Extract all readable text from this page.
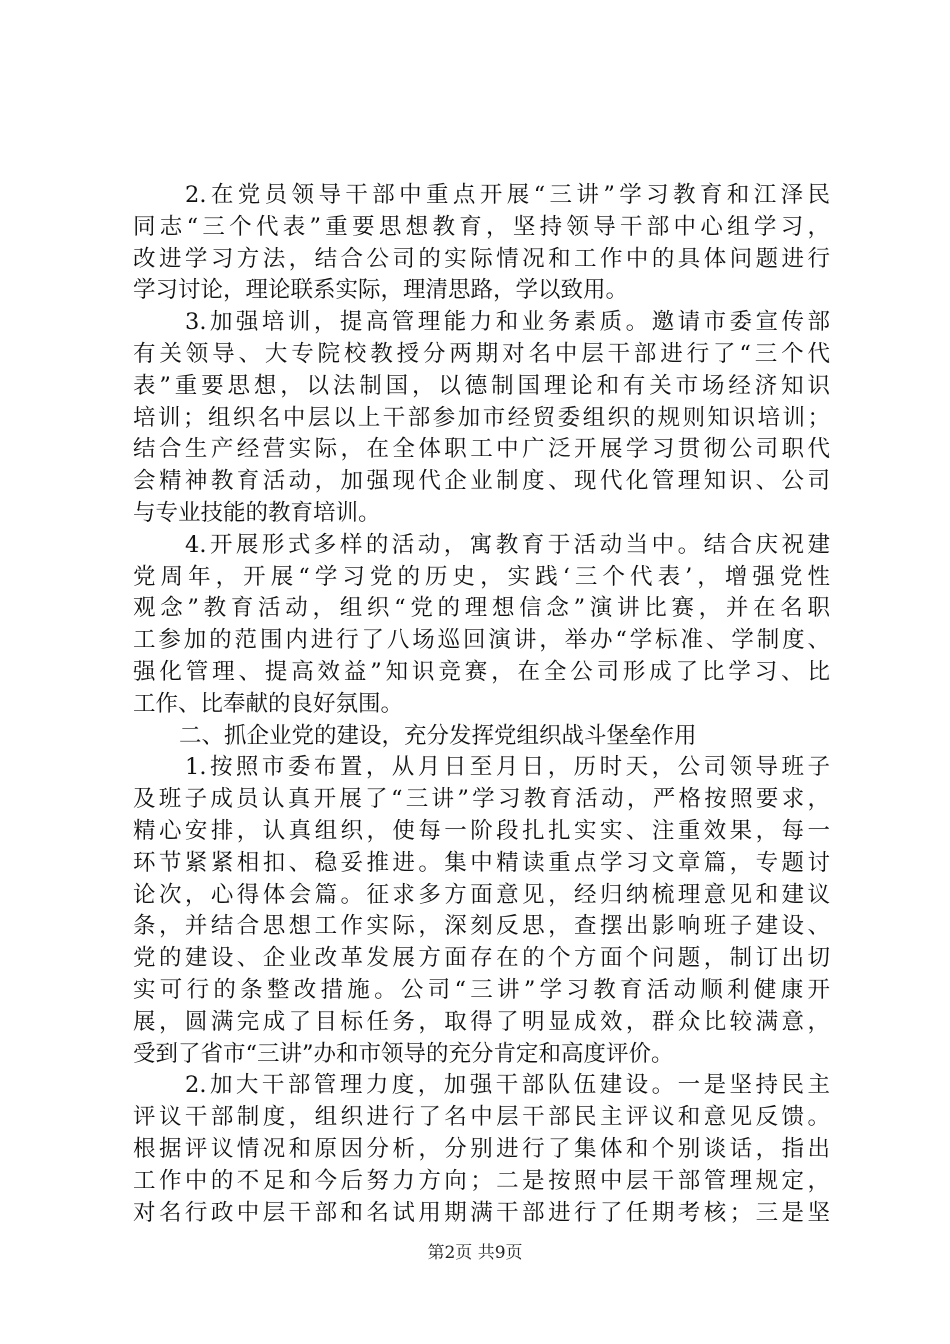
2.在党员领导干部中重点开展“三讲”学习教育和江泽民
同志“三个代表”重要思想教育，坚持领导干部中心组学习，
改进学习方法，结合公司的实际情况和工作中的具体问题进行
学习讨论，理论联系实际，理清思路，学以致用。
3.加强培训，提高管理能力和业务素质。邀请市委宣传部
有关领导、大专院校教授分两期对名中层干部进行了“三个代
表”重要思想，以法制国，以德制国理论和有关市场经济知识
培训；组织名中层以上干部参加市经贸委组织的规则知识培训；
结合生产经营实际，在全体职工中广泛开展学习贯彻公司职代
会精神教育活动，加强现代企业制度、现代化管理知识、公司
与专业技能的教育培训。
4.开展形式多样的活动，寓教育于活动当中。结合庆祝建
党周年，开展“学习党的历史，实践‘三个代表’，增强党性
观念”教育活动，组织“党的理想信念”演讲比赛，并在名职
工参加的范围内进行了八场巡回演讲，举办“学标准、学制度、
强化管理、提高效益”知识竞赛，在全公司形成了比学习、比
工作、比奉献的良好氛围。
二、抓企业党的建设，充分发挥党组织战斗堡垒作用
1.按照市委布置，从月日至月日，历时天，公司领导班子
及班子成员认真开展了“三讲”学习教育活动，严格按照要求，
精心安排，认真组织，使每一阶段扎扎实实、注重效果，每一
环节紧紧相扣、稳妥推进。集中精读重点学习文章篇，专题讨
论次，心得体会篇。征求多方面意见，经归纳梳理意见和建议
条，并结合思想工作实际，深刻反思，查摆出影响班子建设、
党的建设、企业改革发展方面存在的个方面个问题，制订出切
实可行的条整改措施。公司“三讲”学习教育活动顺利健康开
展，圆满完成了目标任务，取得了明显成效，群众比较满意，
受到了省市“三讲”办和市领导的充分肯定和高度评价。
2.加大干部管理力度，加强干部队伍建设。一是坚持民主
评议干部制度，组织进行了名中层干部民主评议和意见反馈。
根据评议情况和原因分析，分别进行了集体和个别谈话，指出
工作中的不足和今后努力方向；二是按照中层干部管理规定，
对名行政中层干部和名试用期满干部进行了任期考核；三是坚
第2页 共9页
